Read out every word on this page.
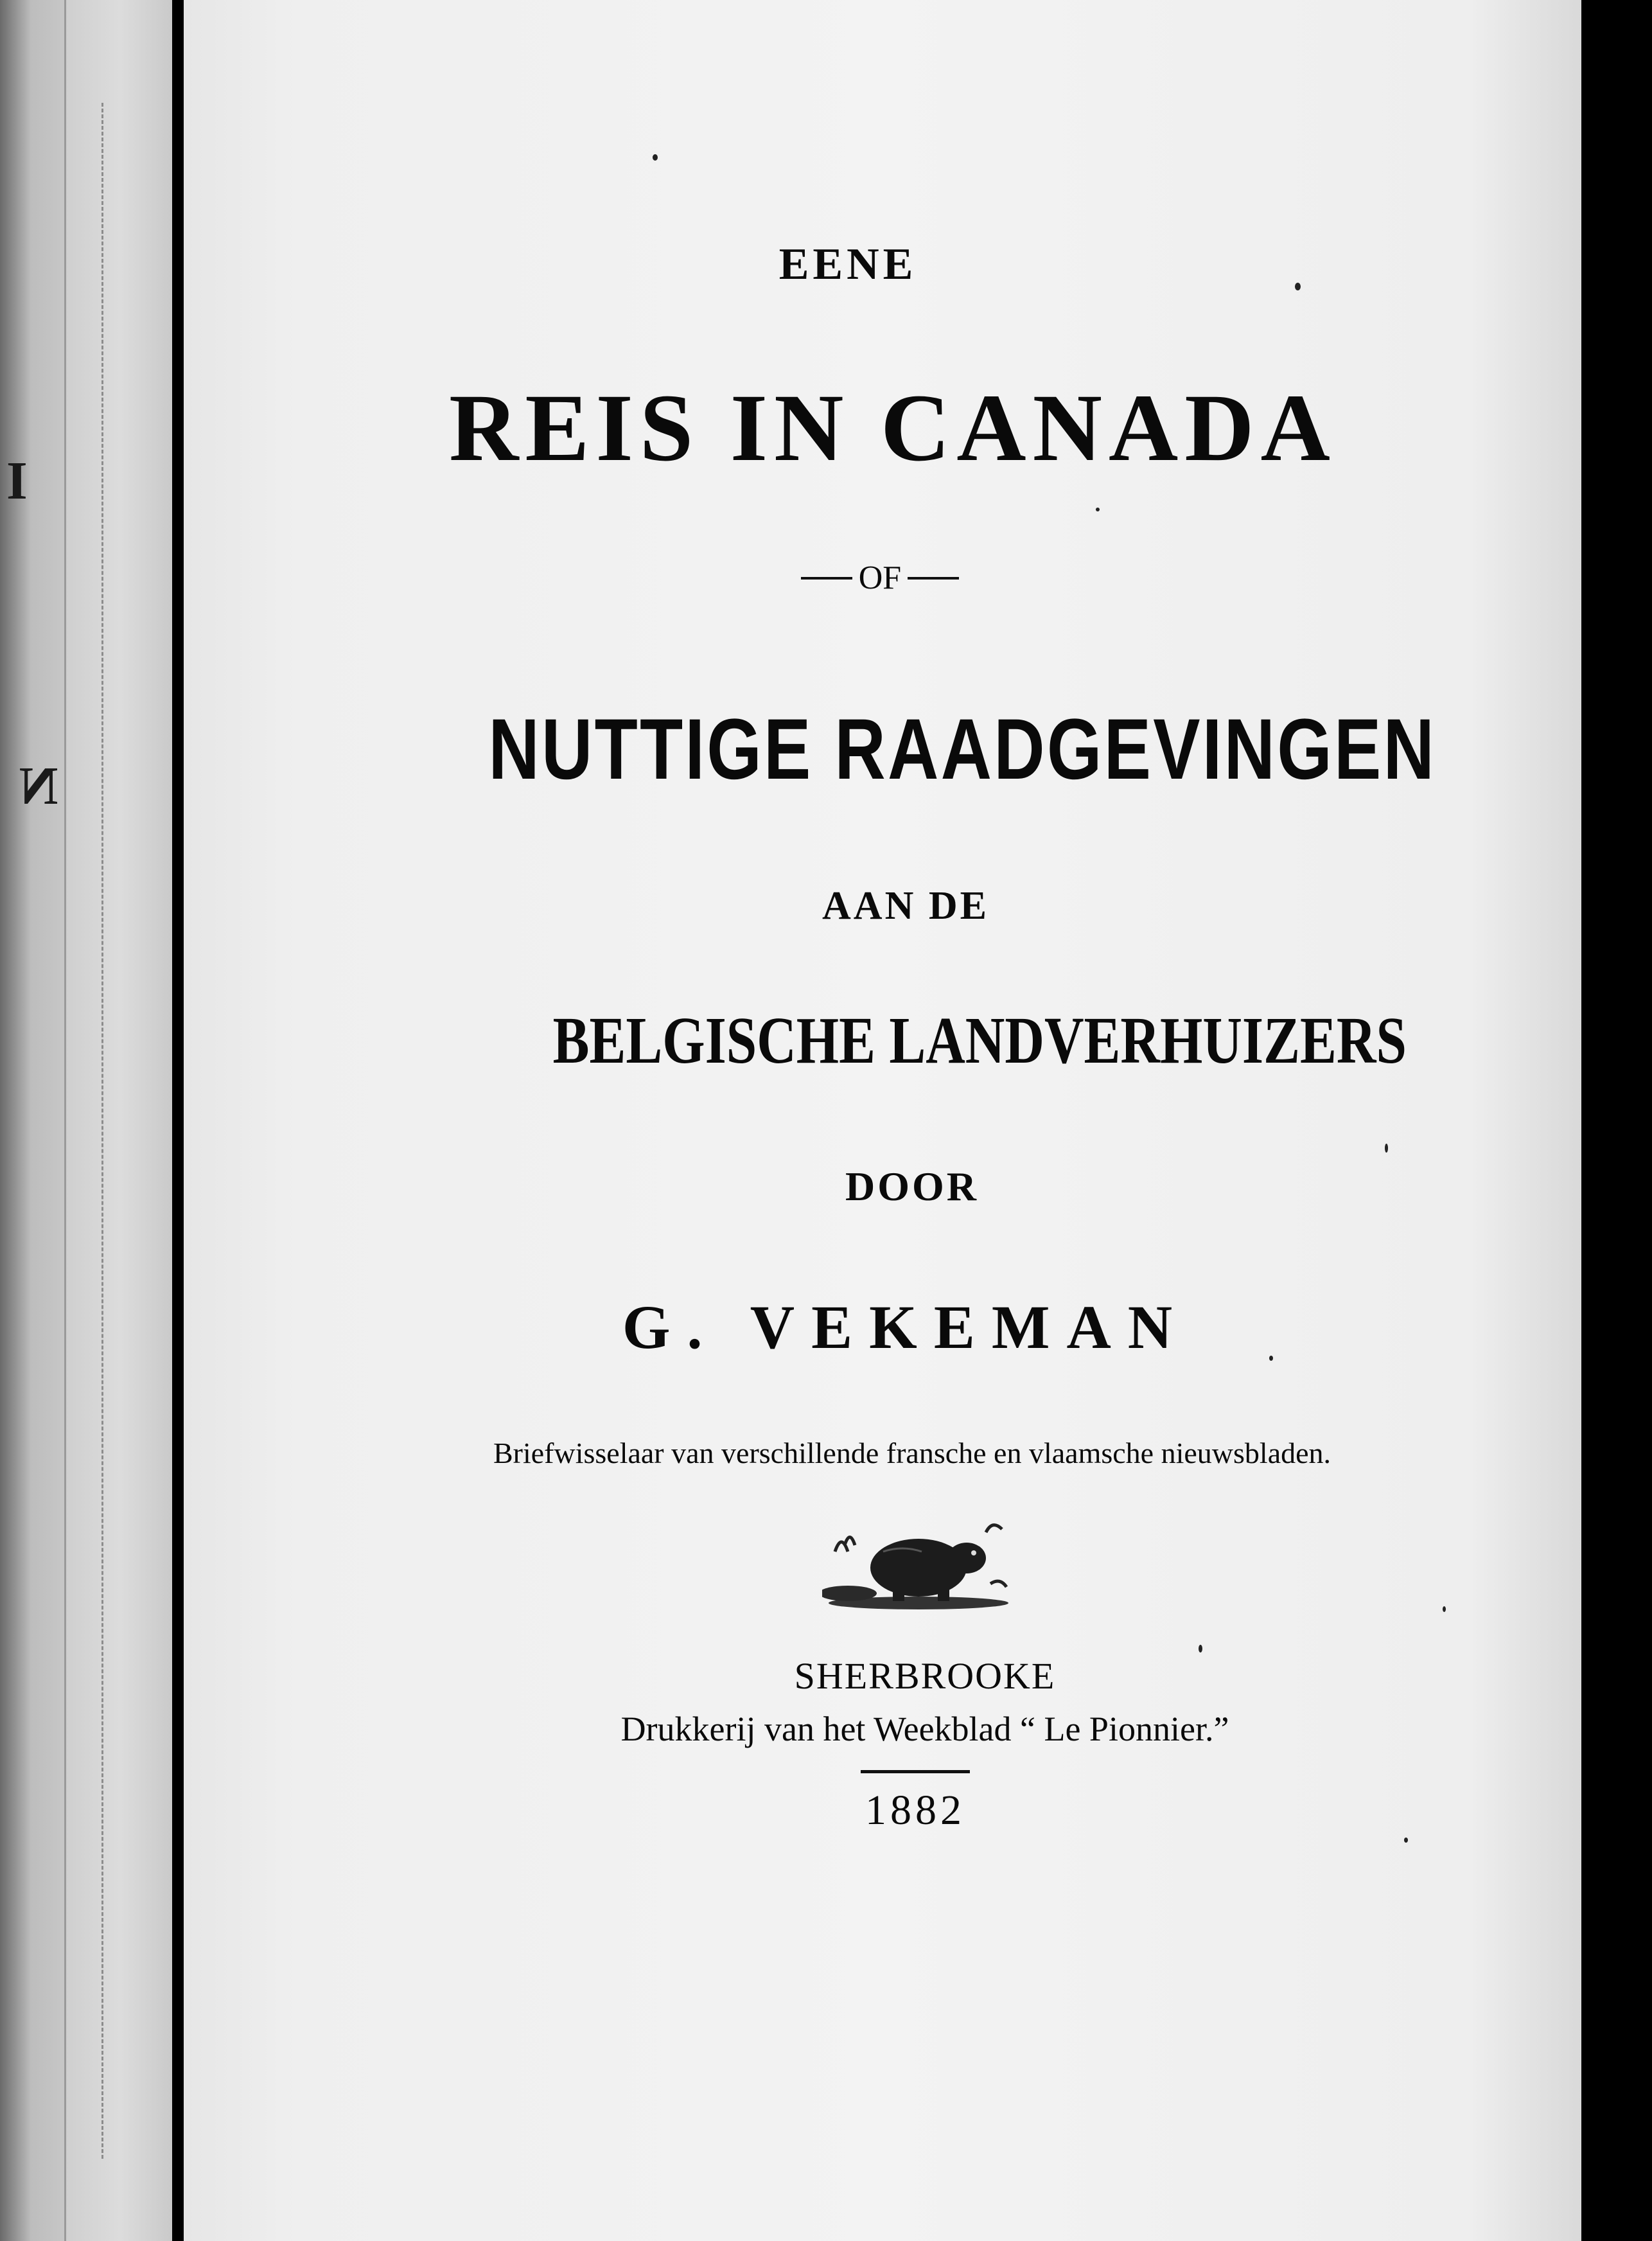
I
N
EENE
REIS IN CANADA
OF
NUTTIGE RAADGEVINGEN
AAN DE
BELGISCHE LANDVERHUIZERS
DOOR
G. VEKEMAN
Briefwisselaar van verschillende fransche en vlaamsche nieuwsbladen.
SHERBROOKE
Drukkerij van het Weekblad “ Le Pionnier.”
1882
